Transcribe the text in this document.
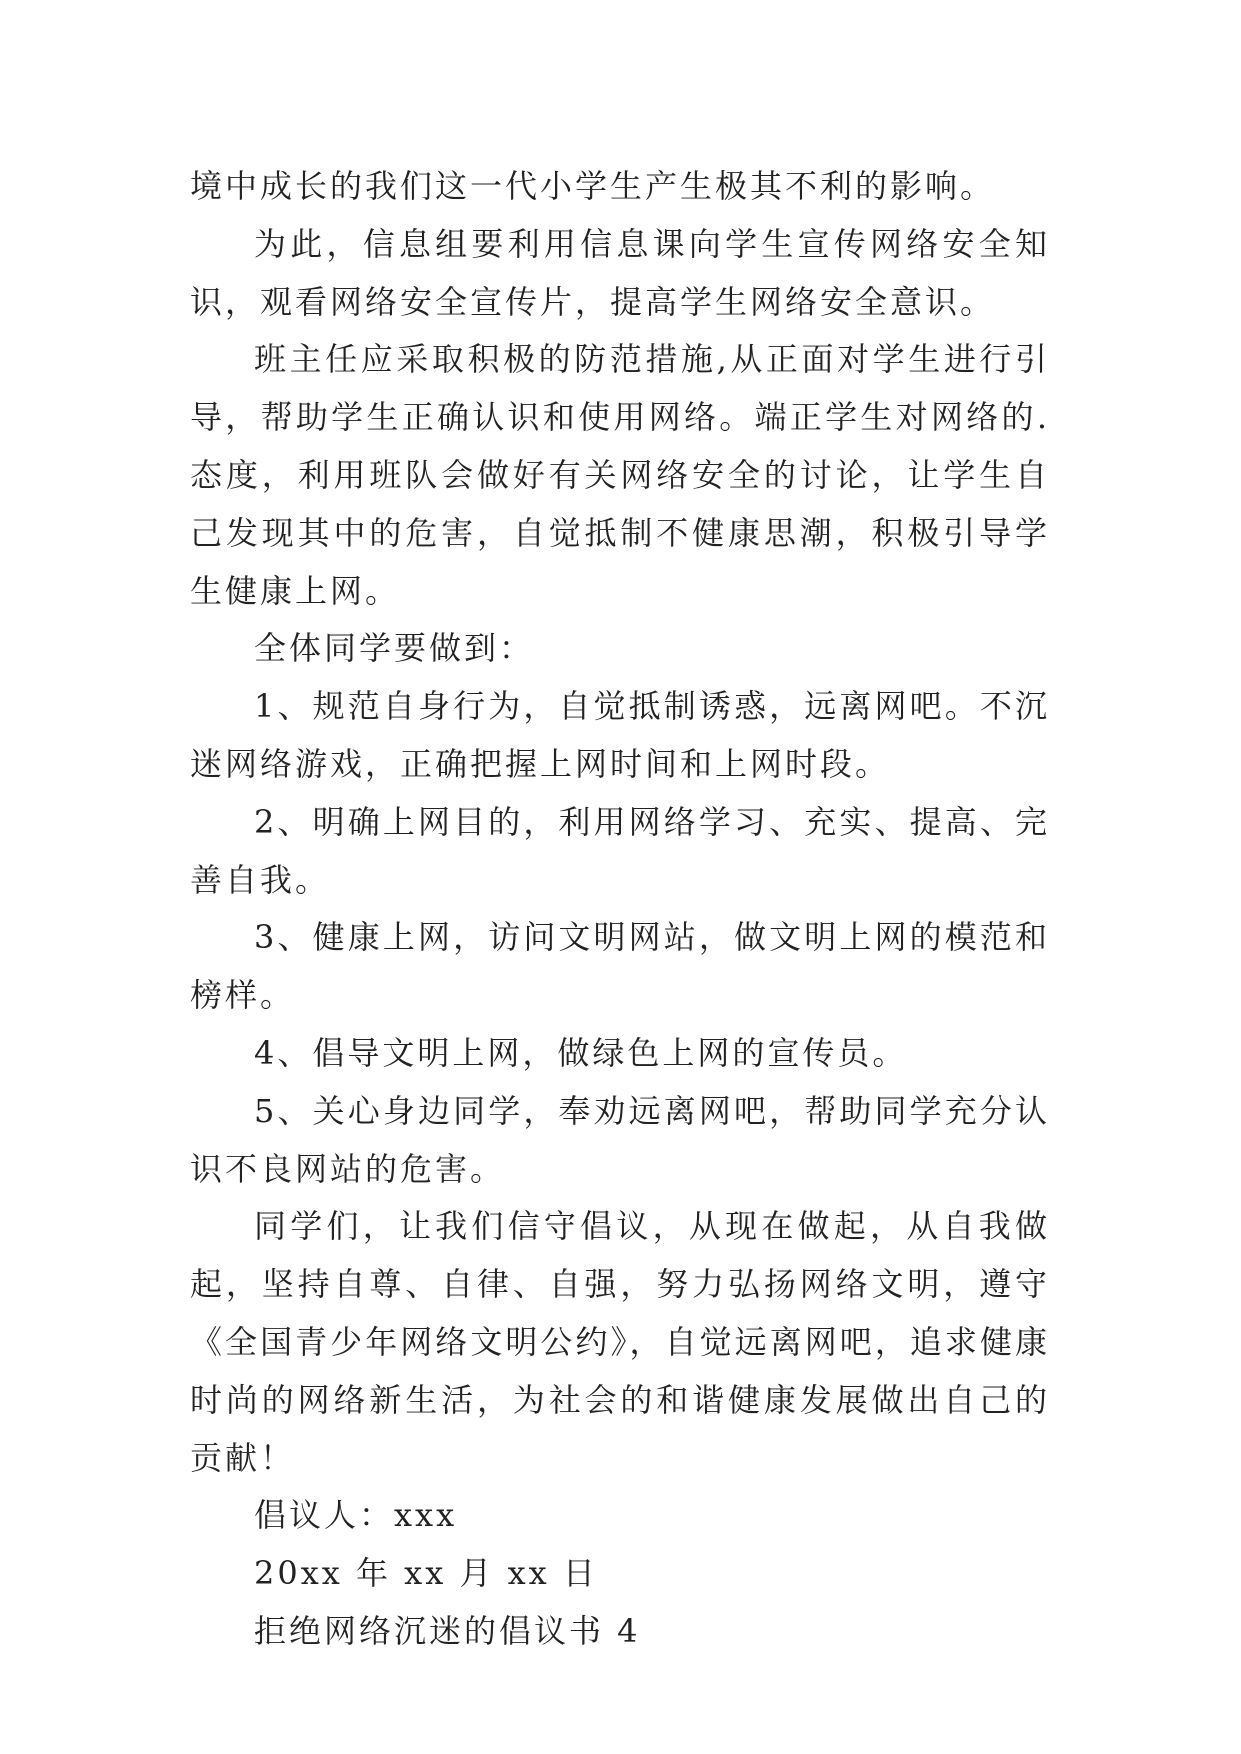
境中成长的我们这一代小学生产生极其不利的影响。

为此，信息组要利用信息课向学生宣传网络安全知识，观看网络安全宣传片，提高学生网络安全意识。

班主任应采取积极的防范措施,从正面对学生进行引导，帮助学生正确认识和使用网络。端正学生对网络的.态度，利用班队会做好有关网络安全的讨论，让学生自己发现其中的危害，自觉抵制不健康思潮，积极引导学生健康上网。

全体同学要做到：

1、规范自身行为，自觉抵制诱惑，远离网吧。不沉迷网络游戏，正确把握上网时间和上网时段。

2、明确上网目的，利用网络学习、充实、提高、完善自我。

3、健康上网，访问文明网站，做文明上网的模范和榜样。

4、倡导文明上网，做绿色上网的宣传员。

5、关心身边同学，奉劝远离网吧，帮助同学充分认识不良网站的危害。

同学们，让我们信守倡议，从现在做起，从自我做起，坚持自尊、自律、自强，努力弘扬网络文明，遵守《全国青少年网络文明公约》，自觉远离网吧，追求健康时尚的网络新生活，为社会的和谐健康发展做出自己的贡献！

倡议人：xxx

20xx 年 xx 月 xx 日

拒绝网络沉迷的倡议书 4
